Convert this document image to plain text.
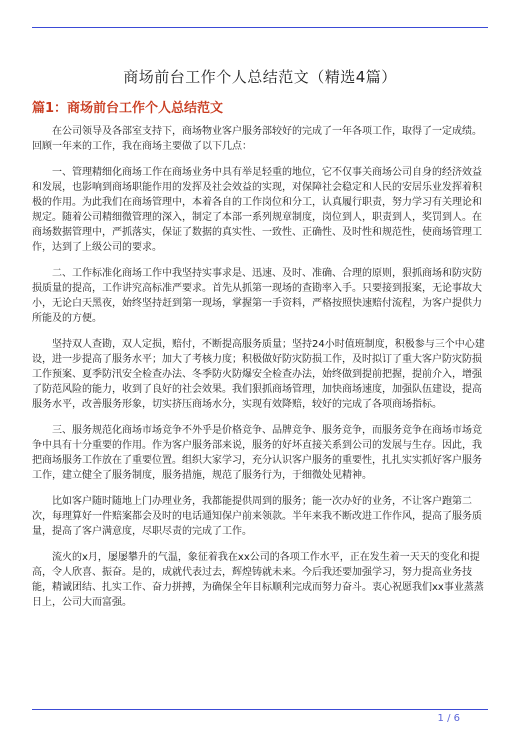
商场前台工作个人总结范文（精选4篇）
篇1：商场前台工作个人总结范文

在公司领导及各部室支持下，商场物业客户服务部较好的完成了一年各项工作，取得了一定成绩。回顾一年来的工作，我在商场主要做了以下几点：

一、管理精细化商场工作在商场业务中具有举足轻重的地位，它不仅事关商场公司自身的经济效益和发展，也影响到商场职能作用的发挥及社会效益的实现，对保障社会稳定和人民的安居乐业发挥着积极的作用。为此我们在商场管理中，本着各自的工作岗位和分工，认真履行职责，努力学习有关理论和规定。随着公司精细微管理的深入，制定了本部一系列规章制度，岗位到人，职责到人，奖罚到人。在商场数据管理中，严抓落实，保证了数据的真实性、一致性、正确性、及时性和规范性，使商场管理工作，达到了上级公司的要求。

二、工作标准化商场工作中我坚持实事求是、迅速、及时、准确、合理的原则，狠抓商场和防灾防损质量的提高，工作讲究高标准严要求。首先从抓第一现场的查勘率入手。只要接到报案，无论事故大小，无论白天黑夜，始终坚持赶到第一现场，掌握第一手资料，严格按照快速赔付流程，为客户提供力所能及的方便。

坚持双人查勘，双人定损，赔付，不断提高服务质量；坚持24小时值班制度，积极参与三个中心建设，进一步提高了服务水平；加大了考核力度；积极做好防灾防损工作，及时拟订了重大客户防灾防损工作预案、夏季防汛安全检查办法、冬季防火防爆安全检查办法，始终做到提前把握，提前介入，增强了防范风险的能力，收到了良好的社会效果。我们狠抓商场管理，加快商场速度，加强队伍建设，提高服务水平，改善服务形象，切实挤压商场水分，实现有效降赔，较好的完成了各项商场指标。

三、服务规范化商场市场竞争不外乎是价格竞争、品牌竞争、服务竞争，而服务竞争在商场市场竞争中具有十分重要的作用。作为客户服务部来说，服务的好坏直接关系到公司的发展与生存。因此，我把商场服务工作放在了重要位置。组织大家学习，充分认识客户服务的重要性，扎扎实实抓好客户服务工作，建立健全了服务制度，服务措施，规范了服务行为，于细微处见精神。

比如客户随时随地上门办理业务，我都能提供周到的服务；能一次办好的业务，不让客户跑第二次，每理算好一件赔案都会及时的电话通知保户前来领款。半年来我不断改进工作作风，提高了服务质量，提高了客户满意度，尽职尽责的完成了工作。

流火的x月，屡屡攀升的气温，象征着我在xx公司的各项工作水平，正在发生着一天天的变化和提高，令人欣喜、振奋。是的，成就代表过去，辉煌铸就未来。今后我还要加强学习，努力提高业务技能，精诚团结、扎实工作、奋力拼搏，为确保全年目标顺利完成而努力奋斗。衷心祝愿我们xx事业蒸蒸日上，公司大而富强。

1 / 6
